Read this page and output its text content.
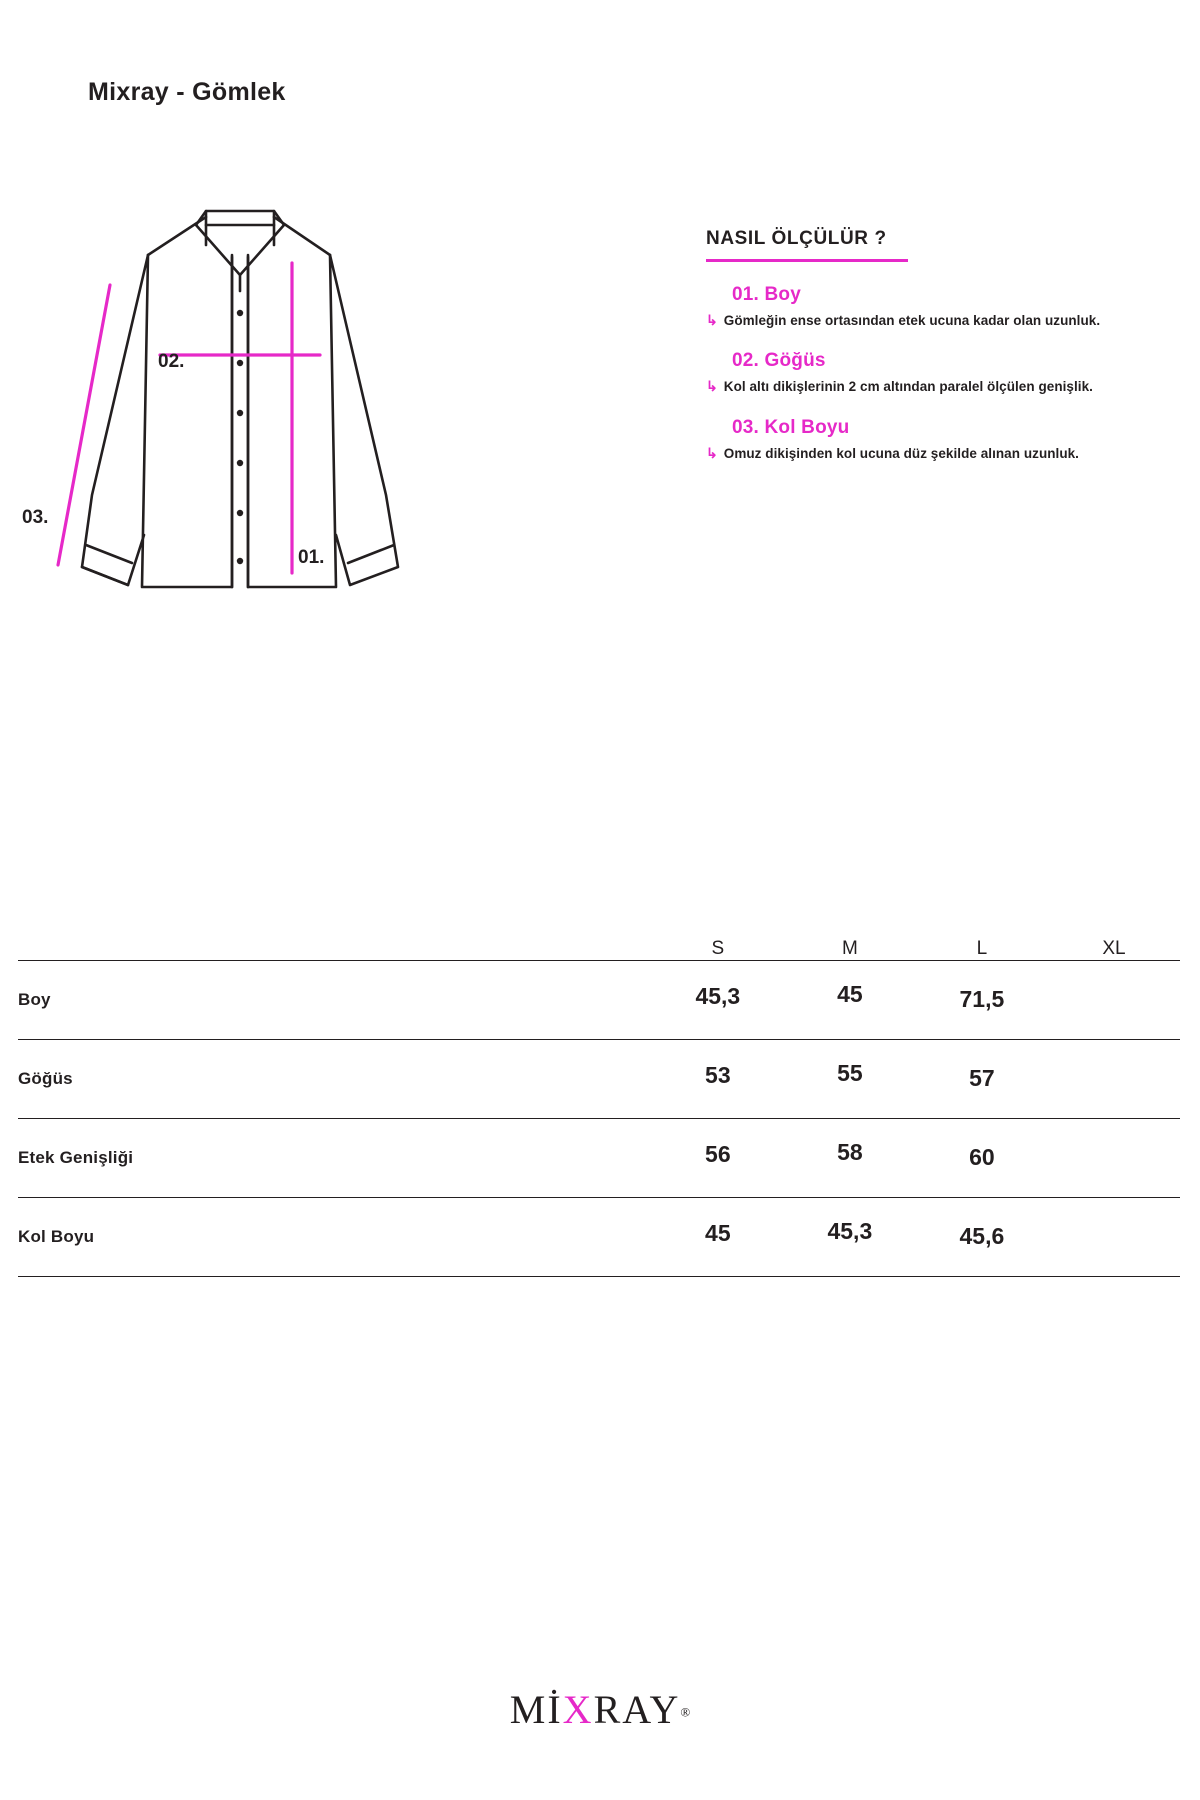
Mixray - Gömlek
02.
01.
03.
NASIL ÖLÇÜLÜR ?
01. Boy
↳ Gömleğin ense ortasından etek ucuna kadar olan uzunluk.
02. Göğüs
↳ Kol altı dikişlerinin 2 cm altından paralel ölçülen genişlik.
03. Kol Boyu
↳ Omuz dikişinden kol ucuna düz şekilde alınan uzunluk.
	S	M	L	XL
Boy	45,3	45	71,5	
Göğüs	53	55	57	
Etek Genişliği	56	58	60	
Kol Boyu	45	45,3	45,6	
MİXRAY®
